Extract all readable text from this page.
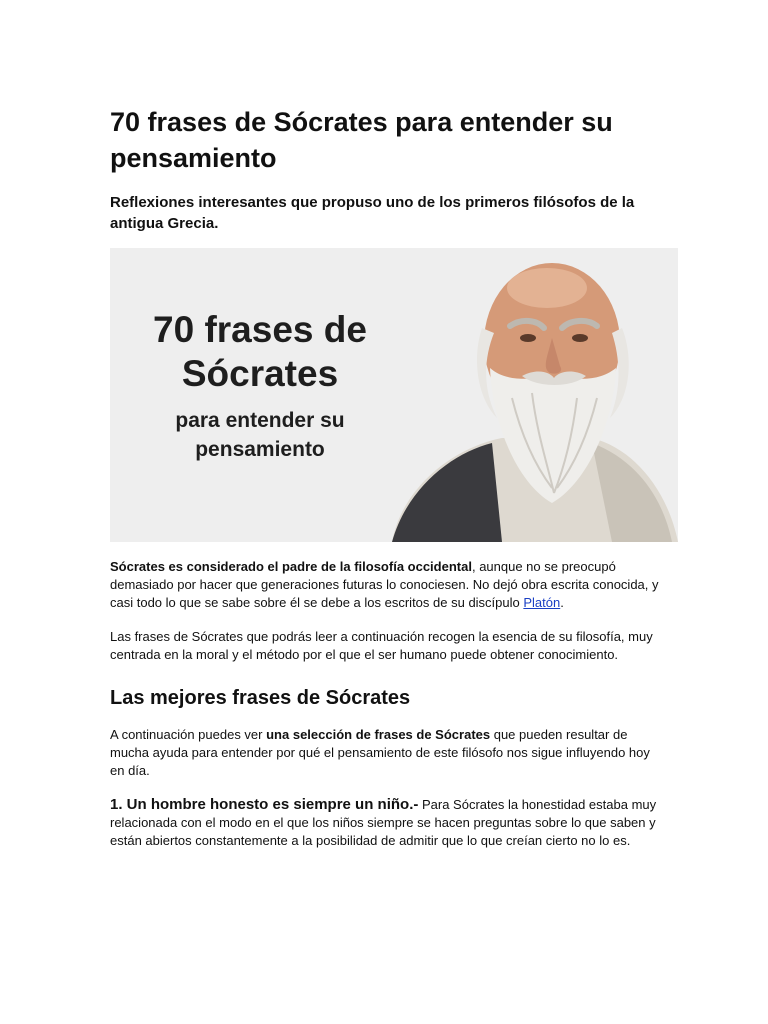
70 frases de Sócrates para entender su pensamiento
Reflexiones interesantes que propuso uno de los primeros filósofos de la antigua Grecia.
70 frases de
Sócrates
para entender su
pensamiento

Sócrates es considerado el padre de la filosofía occidental, aunque no se preocupó demasiado por hacer que generaciones futuras lo conociesen. No dejó obra escrita conocida, y casi todo lo que se sabe sobre él se debe a los escritos de su discípulo Platón.

Las frases de Sócrates que podrás leer a continuación recogen la esencia de su filosofía, muy centrada en la moral y el método por el que el ser humano puede obtener conocimiento.

Las mejores frases de Sócrates

A continuación puedes ver una selección de frases de Sócrates que pueden resultar de mucha ayuda para entender por qué el pensamiento de este filósofo nos sigue influyendo hoy en día.

1. Un hombre honesto es siempre un niño.- Para Sócrates la honestidad estaba muy relacionada con el modo en el que los niños siempre se hacen preguntas sobre lo que saben y están abiertos constantemente a la posibilidad de admitir que lo que creían cierto no lo es.
